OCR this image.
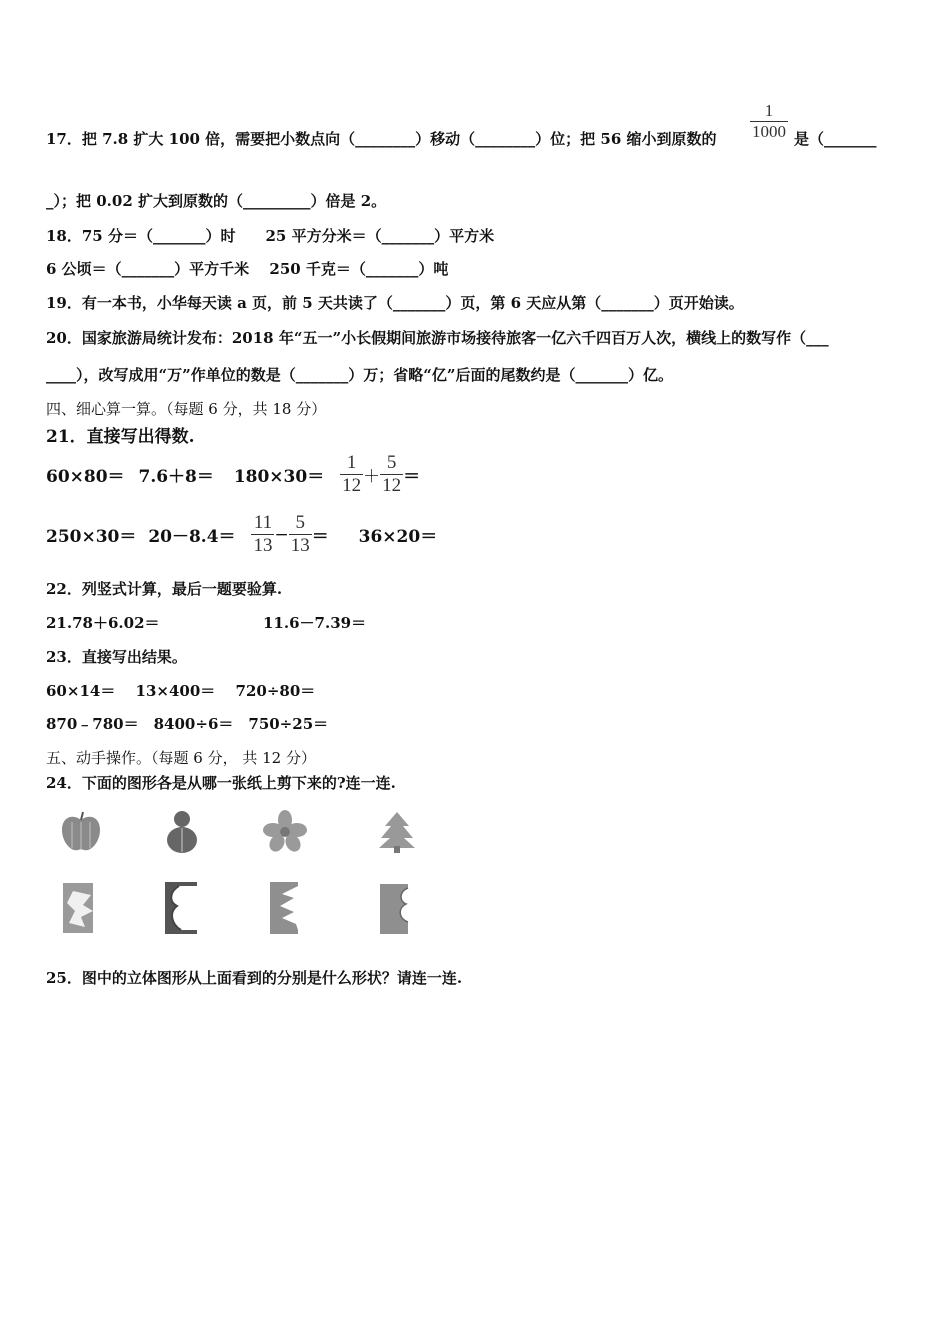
17．把 7.8 扩大 100 倍，需要把小数点向（________）移动（________）位；把 56 缩小到原数的 $\frac{1}{1000}$ 是（_______
_）；把 0.02 扩大到原数的（_________）倍是 2。
18．75 分＝（_______）时　　25 平方分米＝（_______）平方米
6 公顷＝（_______）平方千米　 250 千克＝（_______）吨
19．有一本书，小华每天读 a 页，前 5 天共读了（_______）页，第 6 天应从第（_______）页开始读。
20．国家旅游局统计发布：2018 年“五一”小长假期间旅游市场接待旅客一亿六千四百万人次，横线上的数写作（___
____），改写成用“万”作单位的数是（_______）万；省略“亿”后面的尾数约是（_______）亿。
四、细心算一算。（每题 6 分，共 18 分）
21．直接写出得数.
$60\times 80= 7.6+8= 180\times 30= \frac{1}{12} + \frac{5}{12}$ ＝
$250\times 30= 20-8.4= \frac{11}{13} - \frac{5}{13} = 36\times 20=$
22．列竖式计算，最后一题要验算.
21.78＋6.02＝	11.6－7.39＝
23．直接写出结果。
60×14＝　 13×400＝　 720÷80＝
870﹣780＝　8400÷6＝　750÷25＝
五、动手操作。（每题 6 分， 共 12 分）
24．下面的图形各是从哪一张纸上剪下来的?连一连.
25．图中的立体图形从上面看到的分别是什么形状？请连一连.
